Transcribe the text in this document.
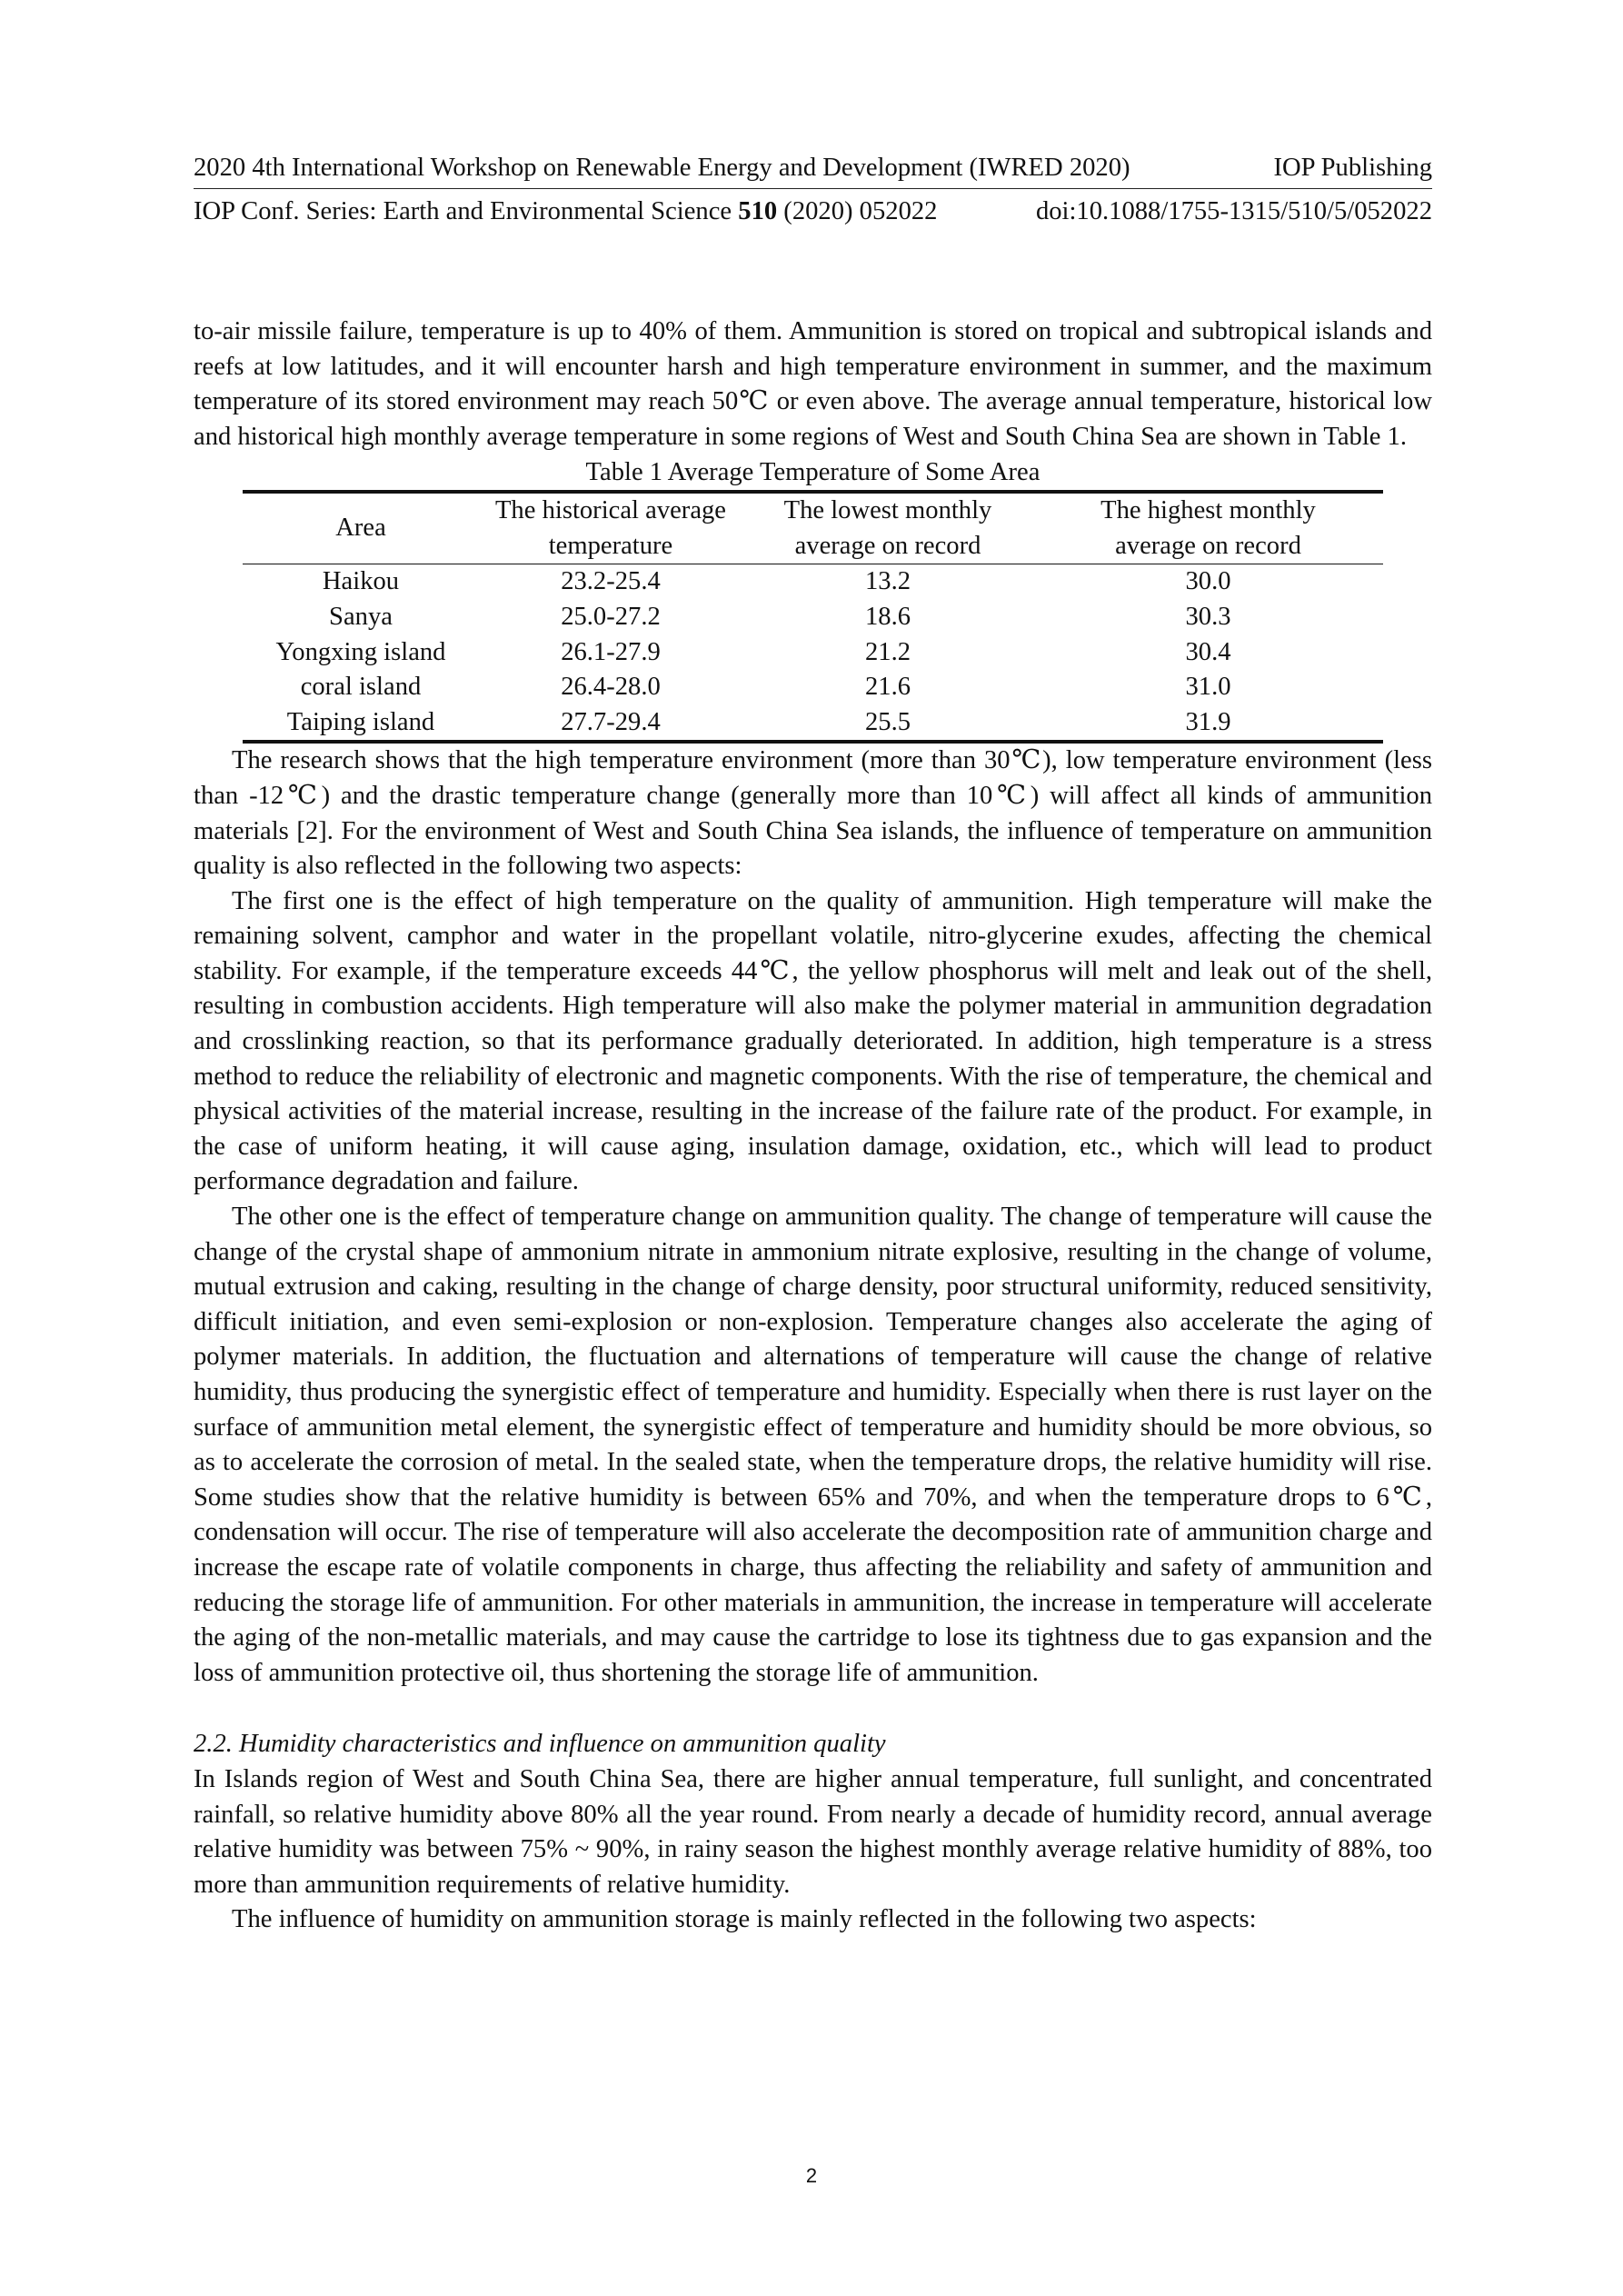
2020 4th International Workshop on Renewable Energy and Development (IWRED 2020)	IOP Publishing
IOP Conf. Series: Earth and Environmental Science 510 (2020) 052022	doi:10.1088/1755-1315/510/5/052022

to-air missile failure, temperature is up to 40% of them. Ammunition is stored on tropical and subtropical islands and reefs at low latitudes, and it will encounter harsh and high temperature environment in summer, and the maximum temperature of its stored environment may reach 50℃ or even above. The average annual temperature, historical low and historical high monthly average temperature in some regions of West and South China Sea are shown in Table 1.

Table 1 Average Temperature of Some Area
Area	The historical average	The lowest monthly	The highest monthly
	temperature	average on record	average on record
Haikou	23.2-25.4	13.2	30.0
Sanya	25.0-27.2	18.6	30.3
Yongxing island	26.1-27.9	21.2	30.4
coral island	26.4-28.0	21.6	31.0
Taiping island	27.7-29.4	25.5	31.9

The research shows that the high temperature environment (more than 30℃), low temperature environment (less than -12℃) and the drastic temperature change (generally more than 10℃) will affect all kinds of ammunition materials [2]. For the environment of West and South China Sea islands, the influence of temperature on ammunition quality is also reflected in the following two aspects:

The first one is the effect of high temperature on the quality of ammunition. High temperature will make the remaining solvent, camphor and water in the propellant volatile, nitro-glycerine exudes, affecting the chemical stability. For example, if the temperature exceeds 44℃, the yellow phosphorus will melt and leak out of the shell, resulting in combustion accidents. High temperature will also make the polymer material in ammunition degradation and crosslinking reaction, so that its performance gradually deteriorated. In addition, high temperature is a stress method to reduce the reliability of electronic and magnetic components. With the rise of temperature, the chemical and physical activities of the material increase, resulting in the increase of the failure rate of the product. For example, in the case of uniform heating, it will cause aging, insulation damage, oxidation, etc., which will lead to product performance degradation and failure.

The other one is the effect of temperature change on ammunition quality. The change of temperature will cause the change of the crystal shape of ammonium nitrate in ammonium nitrate explosive, resulting in the change of volume, mutual extrusion and caking, resulting in the change of charge density, poor structural uniformity, reduced sensitivity, difficult initiation, and even semi-explosion or non-explosion. Temperature changes also accelerate the aging of polymer materials. In addition, the fluctuation and alternations of temperature will cause the change of relative humidity, thus producing the synergistic effect of temperature and humidity. Especially when there is rust layer on the surface of ammunition metal element, the synergistic effect of temperature and humidity should be more obvious, so as to accelerate the corrosion of metal. In the sealed state, when the temperature drops, the relative humidity will rise. Some studies show that the relative humidity is between 65% and 70%, and when the temperature drops to 6℃, condensation will occur. The rise of temperature will also accelerate the decomposition rate of ammunition charge and increase the escape rate of volatile components in charge, thus affecting the reliability and safety of ammunition and reducing the storage life of ammunition. For other materials in ammunition, the increase in temperature will accelerate the aging of the non-metallic materials, and may cause the cartridge to lose its tightness due to gas expansion and the loss of ammunition protective oil, thus shortening the storage life of ammunition.

2.2. Humidity characteristics and influence on ammunition quality

In Islands region of West and South China Sea, there are higher annual temperature, full sunlight, and concentrated rainfall, so relative humidity above 80% all the year round. From nearly a decade of humidity record, annual average relative humidity was between 75% ~ 90%, in rainy season the highest monthly average relative humidity of 88%, too more than ammunition requirements of relative humidity.

The influence of humidity on ammunition storage is mainly reflected in the following two aspects:

2
